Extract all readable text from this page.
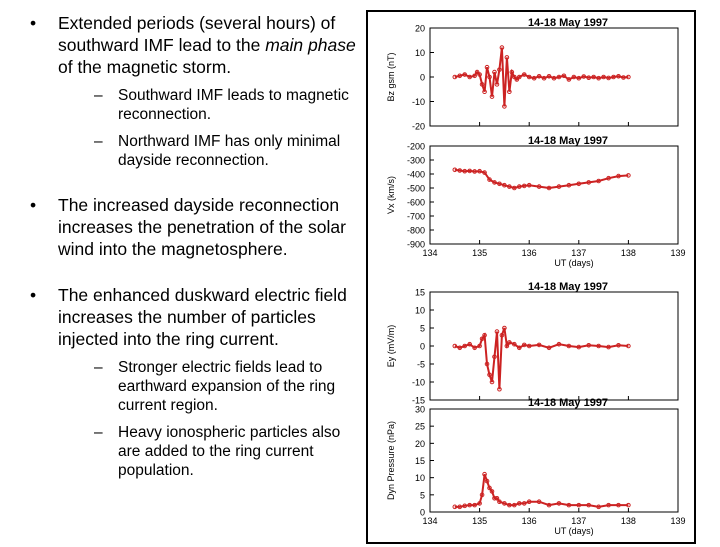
• Extended periods (several hours) of southward IMF lead to the main phase of the magnetic storm.
– Southward IMF leads to magnetic reconnection.
– Northward IMF has only minimal dayside reconnection.
• The increased dayside reconnection increases the penetration of the solar wind into the magnetosphere.
• The enhanced duskward electric field increases the number of particles injected into the ring current.
– Stronger electric fields lead to earthward expansion of the ring current region.
– Heavy ionospheric particles also are added to the ring current population.
14-18 May 1997
20
10
0
-10
-20
Bz gsm (nT)
14-18 May 1997
-200
-300
-400
-500
-600
-700
-800
-900
Vx (km/s)
134	135	136	137	138	139
UT (days)
14-18 May 1997
15
10
5
0
-5
-10
-15
Ey (mV/m)
14-18 May 1997
30
25
20
15
10
5
0
Dyn Pressure (nPa)
134	135	136	137	138	139
UT (days)
